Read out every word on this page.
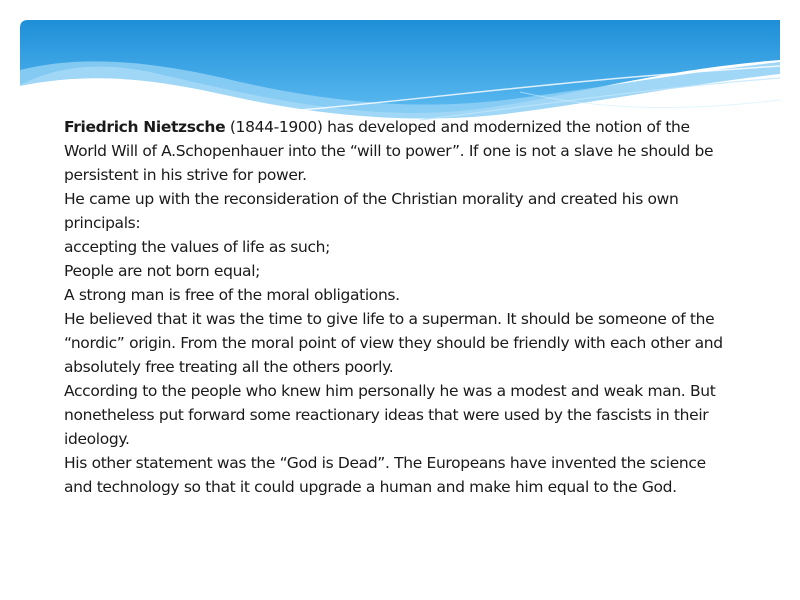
Friedrich Nietzsche (1844-1900) has developed and modernized the notion of the World Will of A.Schopenhauer into the “will to power”. If one is not a slave he should be persistent in his strive for power.

He came up with the reconsideration of the Christian morality and created his own principals:

accepting the values of life as such;

People are not born equal;

A strong man is free of the moral obligations.

He believed that it was the time to give life to a superman. It should be someone of the “nordic” origin. From the moral point of view they should be friendly with each other and absolutely free treating all the others poorly.

According to the people who knew him personally he was a modest and weak man. But nonetheless put forward some reactionary ideas that were used by the fascists in their ideology.

His other statement was the “God is Dead”. The Europeans have invented the science and technology so that it could upgrade a human and make him equal to the God.
